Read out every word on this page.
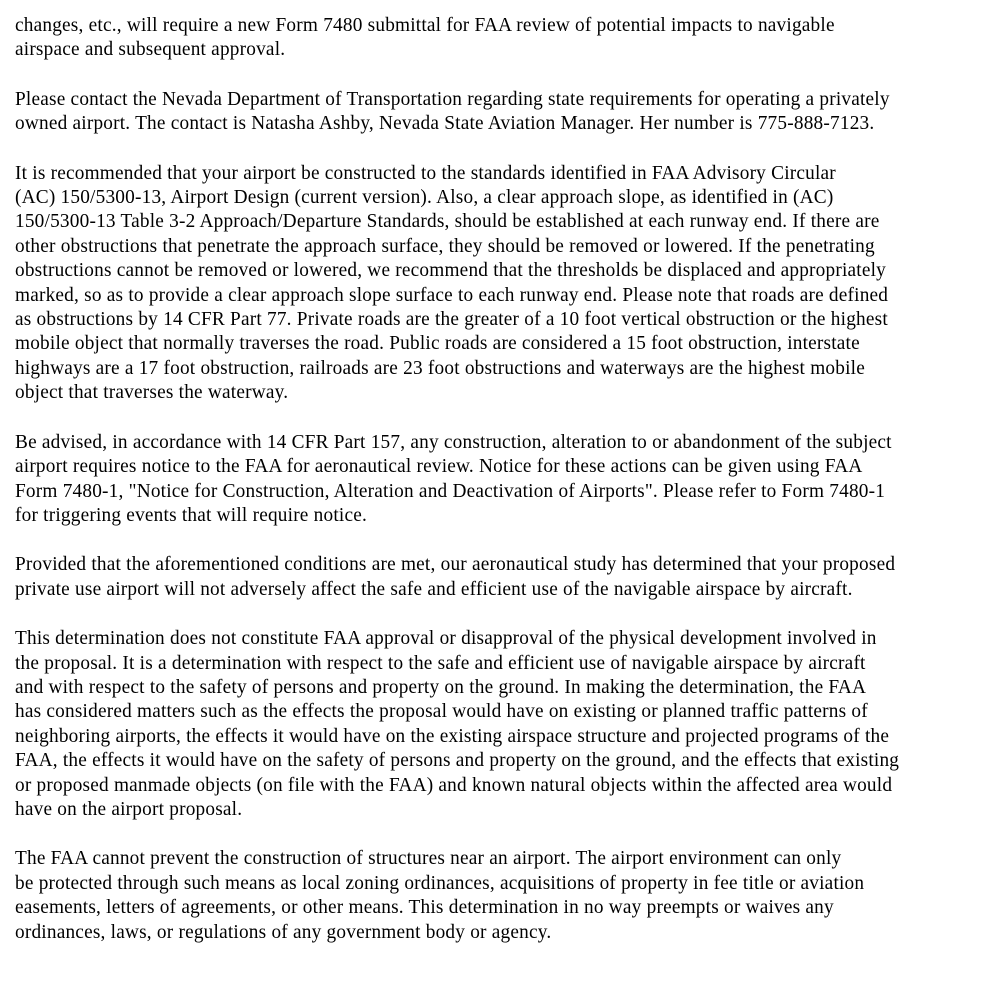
changes, etc., will require a new Form 7480 submittal for FAA review of potential impacts to navigable
airspace and subsequent approval.

Please contact the Nevada Department of Transportation regarding state requirements for operating a privately
owned airport. The contact is Natasha Ashby, Nevada State Aviation Manager. Her number is 775-888-7123.

It is recommended that your airport be constructed to the standards identified in FAA Advisory Circular
(AC) 150/5300-13, Airport Design (current version). Also, a clear approach slope, as identified in (AC)
150/5300-13 Table 3-2 Approach/Departure Standards, should be established at each runway end. If there are
other obstructions that penetrate the approach surface, they should be removed or lowered. If the penetrating
obstructions cannot be removed or lowered, we recommend that the thresholds be displaced and appropriately
marked, so as to provide a clear approach slope surface to each runway end. Please note that roads are defined
as obstructions by 14 CFR Part 77. Private roads are the greater of a 10 foot vertical obstruction or the highest
mobile object that normally traverses the road. Public roads are considered a 15 foot obstruction, interstate
highways are a 17 foot obstruction, railroads are 23 foot obstructions and waterways are the highest mobile
object that traverses the waterway.

Be advised, in accordance with 14 CFR Part 157, any construction, alteration to or abandonment of the subject
airport requires notice to the FAA for aeronautical review. Notice for these actions can be given using FAA
Form 7480-1, "Notice for Construction, Alteration and Deactivation of Airports". Please refer to Form 7480-1
for triggering events that will require notice.

Provided that the aforementioned conditions are met, our aeronautical study has determined that your proposed
private use airport will not adversely affect the safe and efficient use of the navigable airspace by aircraft.

This determination does not constitute FAA approval or disapproval of the physical development involved in
the proposal. It is a determination with respect to the safe and efficient use of navigable airspace by aircraft
and with respect to the safety of persons and property on the ground. In making the determination, the FAA
has considered matters such as the effects the proposal would have on existing or planned traffic patterns of
neighboring airports, the effects it would have on the existing airspace structure and projected programs of the
FAA, the effects it would have on the safety of persons and property on the ground, and the effects that existing
or proposed manmade objects (on file with the FAA) and known natural objects within the affected area would
have on the airport proposal.

The FAA cannot prevent the construction of structures near an airport. The airport environment can only
be protected through such means as local zoning ordinances, acquisitions of property in fee title or aviation
easements, letters of agreements, or other means. This determination in no way preempts or waives any
ordinances, laws, or regulations of any government body or agency.
